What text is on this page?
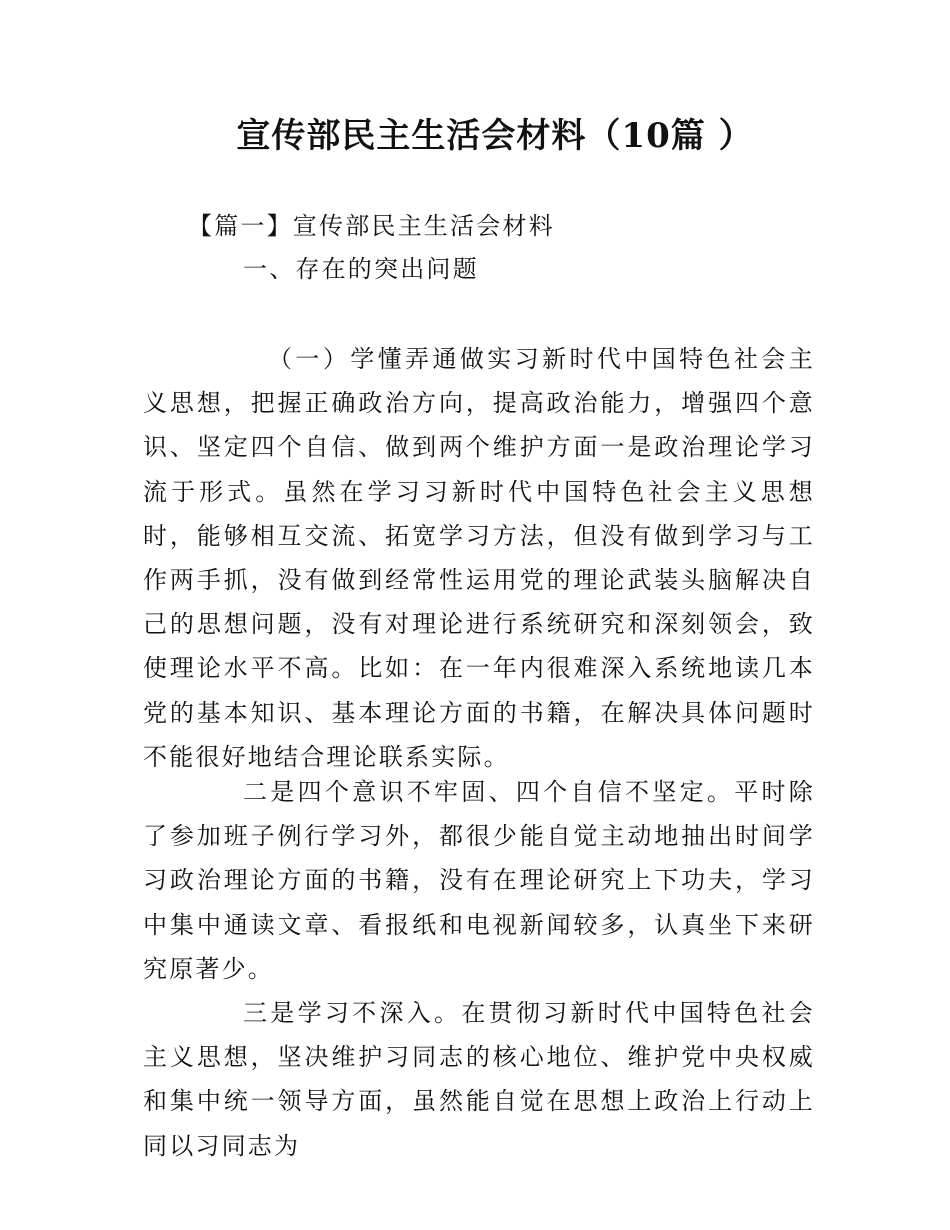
宣传部民主生活会材料（10篇 ）
【篇一】宣传部民主生活会材料
一、存在的突出问题
（一）学懂弄通做实习新时代中国特色社会主义思想，把握正确政治方向，提高政治能力，增强四个意识、坚定四个自信、做到两个维护方面一是政治理论学习流于形式。虽然在学习习新时代中国特色社会主义思想时，能够相互交流、拓宽学习方法，但没有做到学习与工作两手抓，没有做到经常性运用党的理论武装头脑解决自己的思想问题，没有对理论进行系统研究和深刻领会，致使理论水平不高。比如：在一年内很难深入系统地读几本党的基本知识、基本理论方面的书籍，在解决具体问题时不能很好地结合理论联系实际。
二是四个意识不牢固、四个自信不坚定。平时除了参加班子例行学习外，都很少能自觉主动地抽出时间学习政治理论方面的书籍，没有在理论研究上下功夫，学习中集中通读文章、看报纸和电视新闻较多，认真坐下来研究原著少。
三是学习不深入。在贯彻习新时代中国特色社会主义思想，坚决维护习同志的核心地位、维护党中央权威和集中统一领导方面，虽然能自觉在思想上政治上行动上同以习同志为
